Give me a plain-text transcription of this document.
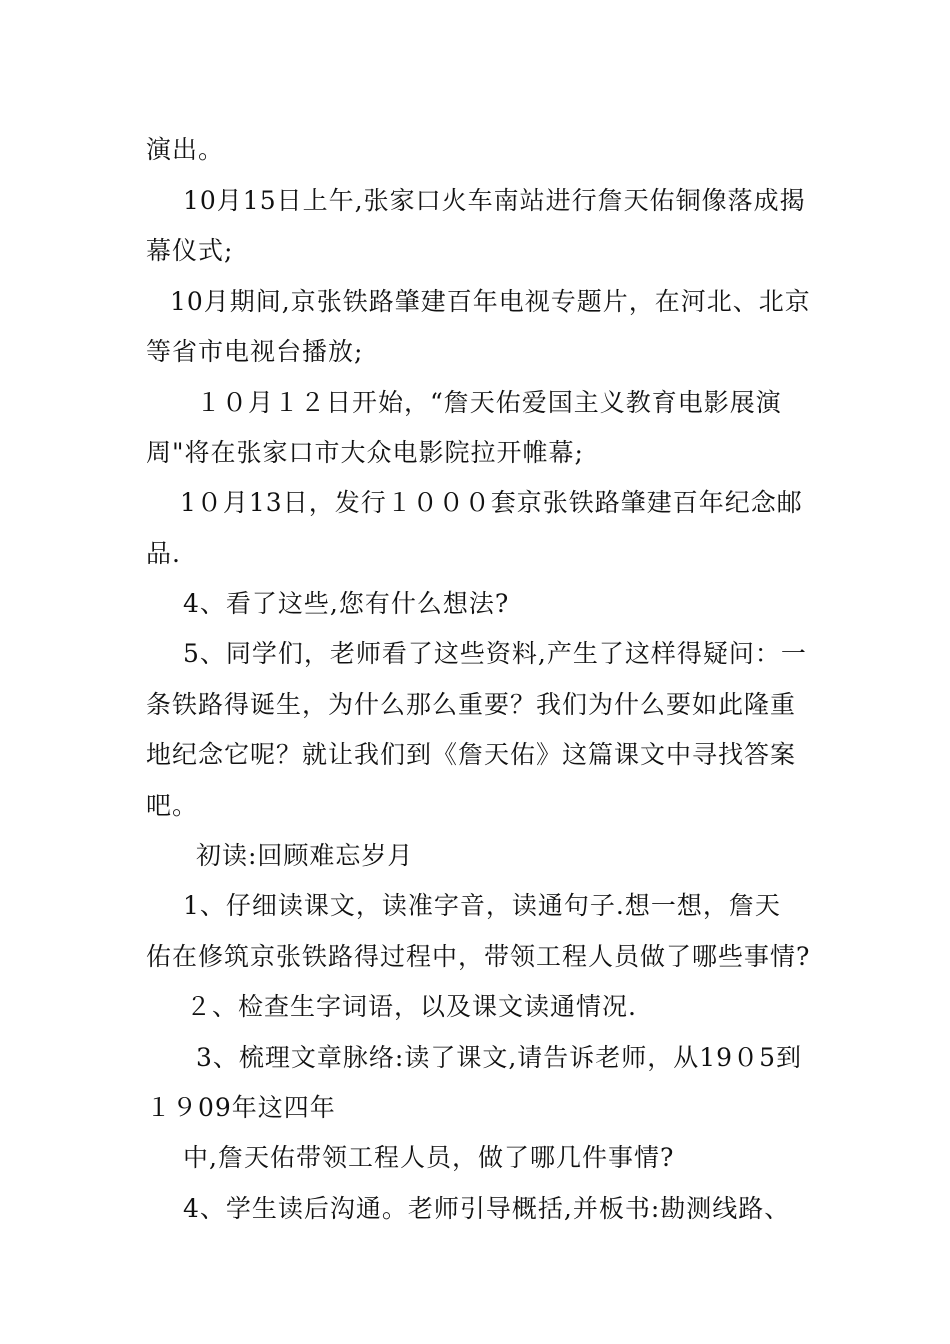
演出。
10月15日上午,张家口火车南站进行詹天佑铜像落成揭
幕仪式;
10月期间,京张铁路肇建百年电视专题片，在河北、北京
等省市电视台播放;
１０月１２日开始，“詹天佑爱国主义教育电影展演
周"将在张家口市大众电影院拉开帷幕;
1０月13日，发行１０００套京张铁路肇建百年纪念邮
品.
4、看了这些,您有什么想法?
5、同学们，老师看了这些资料,产生了这样得疑问：一
条铁路得诞生，为什么那么重要？我们为什么要如此隆重
地纪念它呢？就让我们到《詹天佑》这篇课文中寻找答案
吧。
初读:回顾难忘岁月
1、仔细读课文，读准字音，读通句子.想一想，詹天
佑在修筑京张铁路得过程中，带领工程人员做了哪些事情?
２、检查生字词语，以及课文读通情况.
3、梳理文章脉络:读了课文,请告诉老师，从19０5到
１９09年这四年
中,詹天佑带领工程人员，做了哪几件事情?
4、学生读后沟通。老师引导概括,并板书:勘测线路、
